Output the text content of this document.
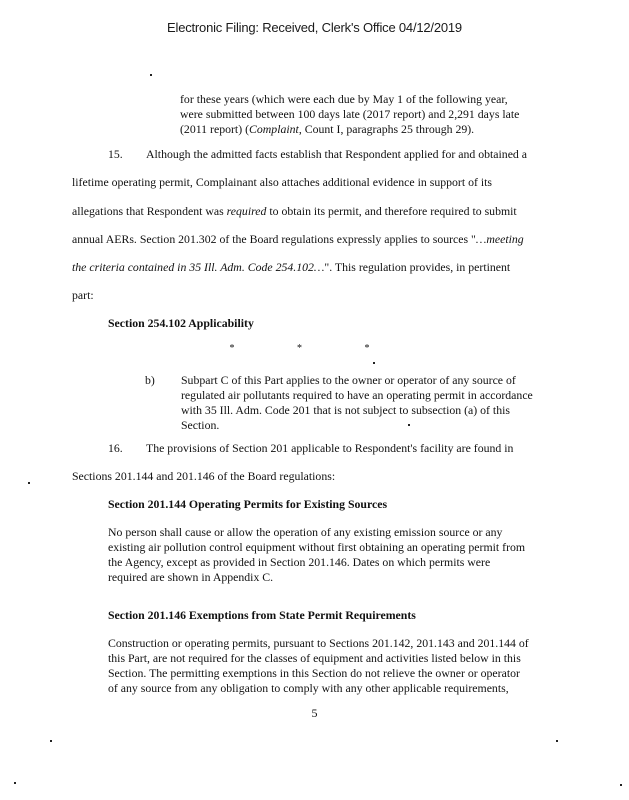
Electronic Filing: Received, Clerk's Office 04/12/2019
for these years (which were each due by May 1 of the following year,
were submitted between 100 days late (2017 report) and 2,291 days late
(2011 report) (Complaint, Count I, paragraphs 25 through 29).
15. Although the admitted facts establish that Respondent applied for and obtained a
lifetime operating permit, Complainant also attaches additional evidence in support of its
allegations that Respondent was required to obtain its permit, and therefore required to submit
annual AERs. Section 201.302 of the Board regulations expressly applies to sources "…meeting
the criteria contained in 35 Ill. Adm. Code 254.102…". This regulation provides, in pertinent
part:
Section 254.102 Applicability
* * *
b) Subpart C of this Part applies to the owner or operator of any source of
regulated air pollutants required to have an operating permit in accordance
with 35 Ill. Adm. Code 201 that is not subject to subsection (a) of this
Section.
16. The provisions of Section 201 applicable to Respondent's facility are found in
Sections 201.144 and 201.146 of the Board regulations:
Section 201.144 Operating Permits for Existing Sources
No person shall cause or allow the operation of any existing emission source or any
existing air pollution control equipment without first obtaining an operating permit from
the Agency, except as provided in Section 201.146. Dates on which permits were
required are shown in Appendix C.
Section 201.146 Exemptions from State Permit Requirements
Construction or operating permits, pursuant to Sections 201.142, 201.143 and 201.144 of
this Part, are not required for the classes of equipment and activities listed below in this
Section. The permitting exemptions in this Section do not relieve the owner or operator
of any source from any obligation to comply with any other applicable requirements,
5
